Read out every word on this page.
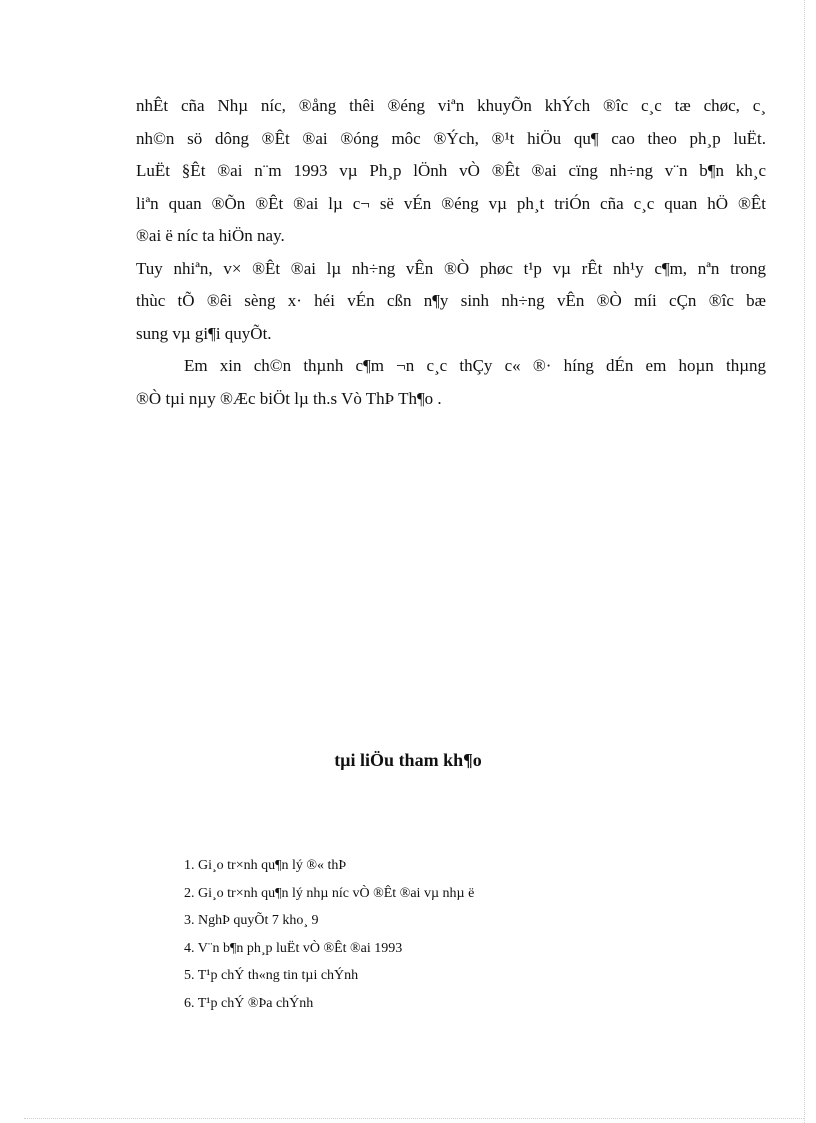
nhÊt cña Nhµ níc, ®ång thêi ®éng viªn khuyÕn khÝch ®îc c¸c tæ chøc, c¸
nh©n sö dông ®Êt ®ai ®óng môc ®Ých, ®¹t hiÖu qu¶ cao theo ph¸p luËt.
LuËt §Êt ®ai n¨m 1993 vµ Ph¸p lÖnh vÒ ®Êt ®ai cïng nh÷ng v¨n b¶n kh¸c
liªn quan ®Õn ®Êt ®ai lµ c¬ së vÉn ®éng vµ ph¸t triÓn cña c¸c quan hÖ ®Êt
®ai ë níc ta hiÖn nay.
Tuy nhiªn, v× ®Êt ®ai lµ nh÷ng vÊn ®Ò phøc t¹p vµ rÊt nh¹y c¶m, nªn trong
thùc tÕ ®êi sèng x· héi vÉn cßn n¶y sinh nh÷ng vÊn ®Ò míi cÇn ®îc bæ
sung vµ gi¶i quyÕt.
Em xin ch©n thµnh c¶m ¬n c¸c thÇy c« ®· híng dÉn em hoµn thµng
®Ò tµi nµy ®Æc biÖt lµ th.s Vò ThÞ Th¶o .
tµi liÖu tham kh¶o
1. Gi¸o tr×nh qu¶n lý ®« thÞ
2. Gi¸o tr×nh qu¶n lý nhµ níc vÒ ®Êt ®ai vµ nhµ ë
3. NghÞ quyÕt 7 kho¸ 9
4. V¨n b¶n ph¸p luËt vÒ ®Êt ®ai 1993
5. T¹p chÝ th«ng tin tµi chÝnh
6. T¹p chÝ ®Þa chÝnh
